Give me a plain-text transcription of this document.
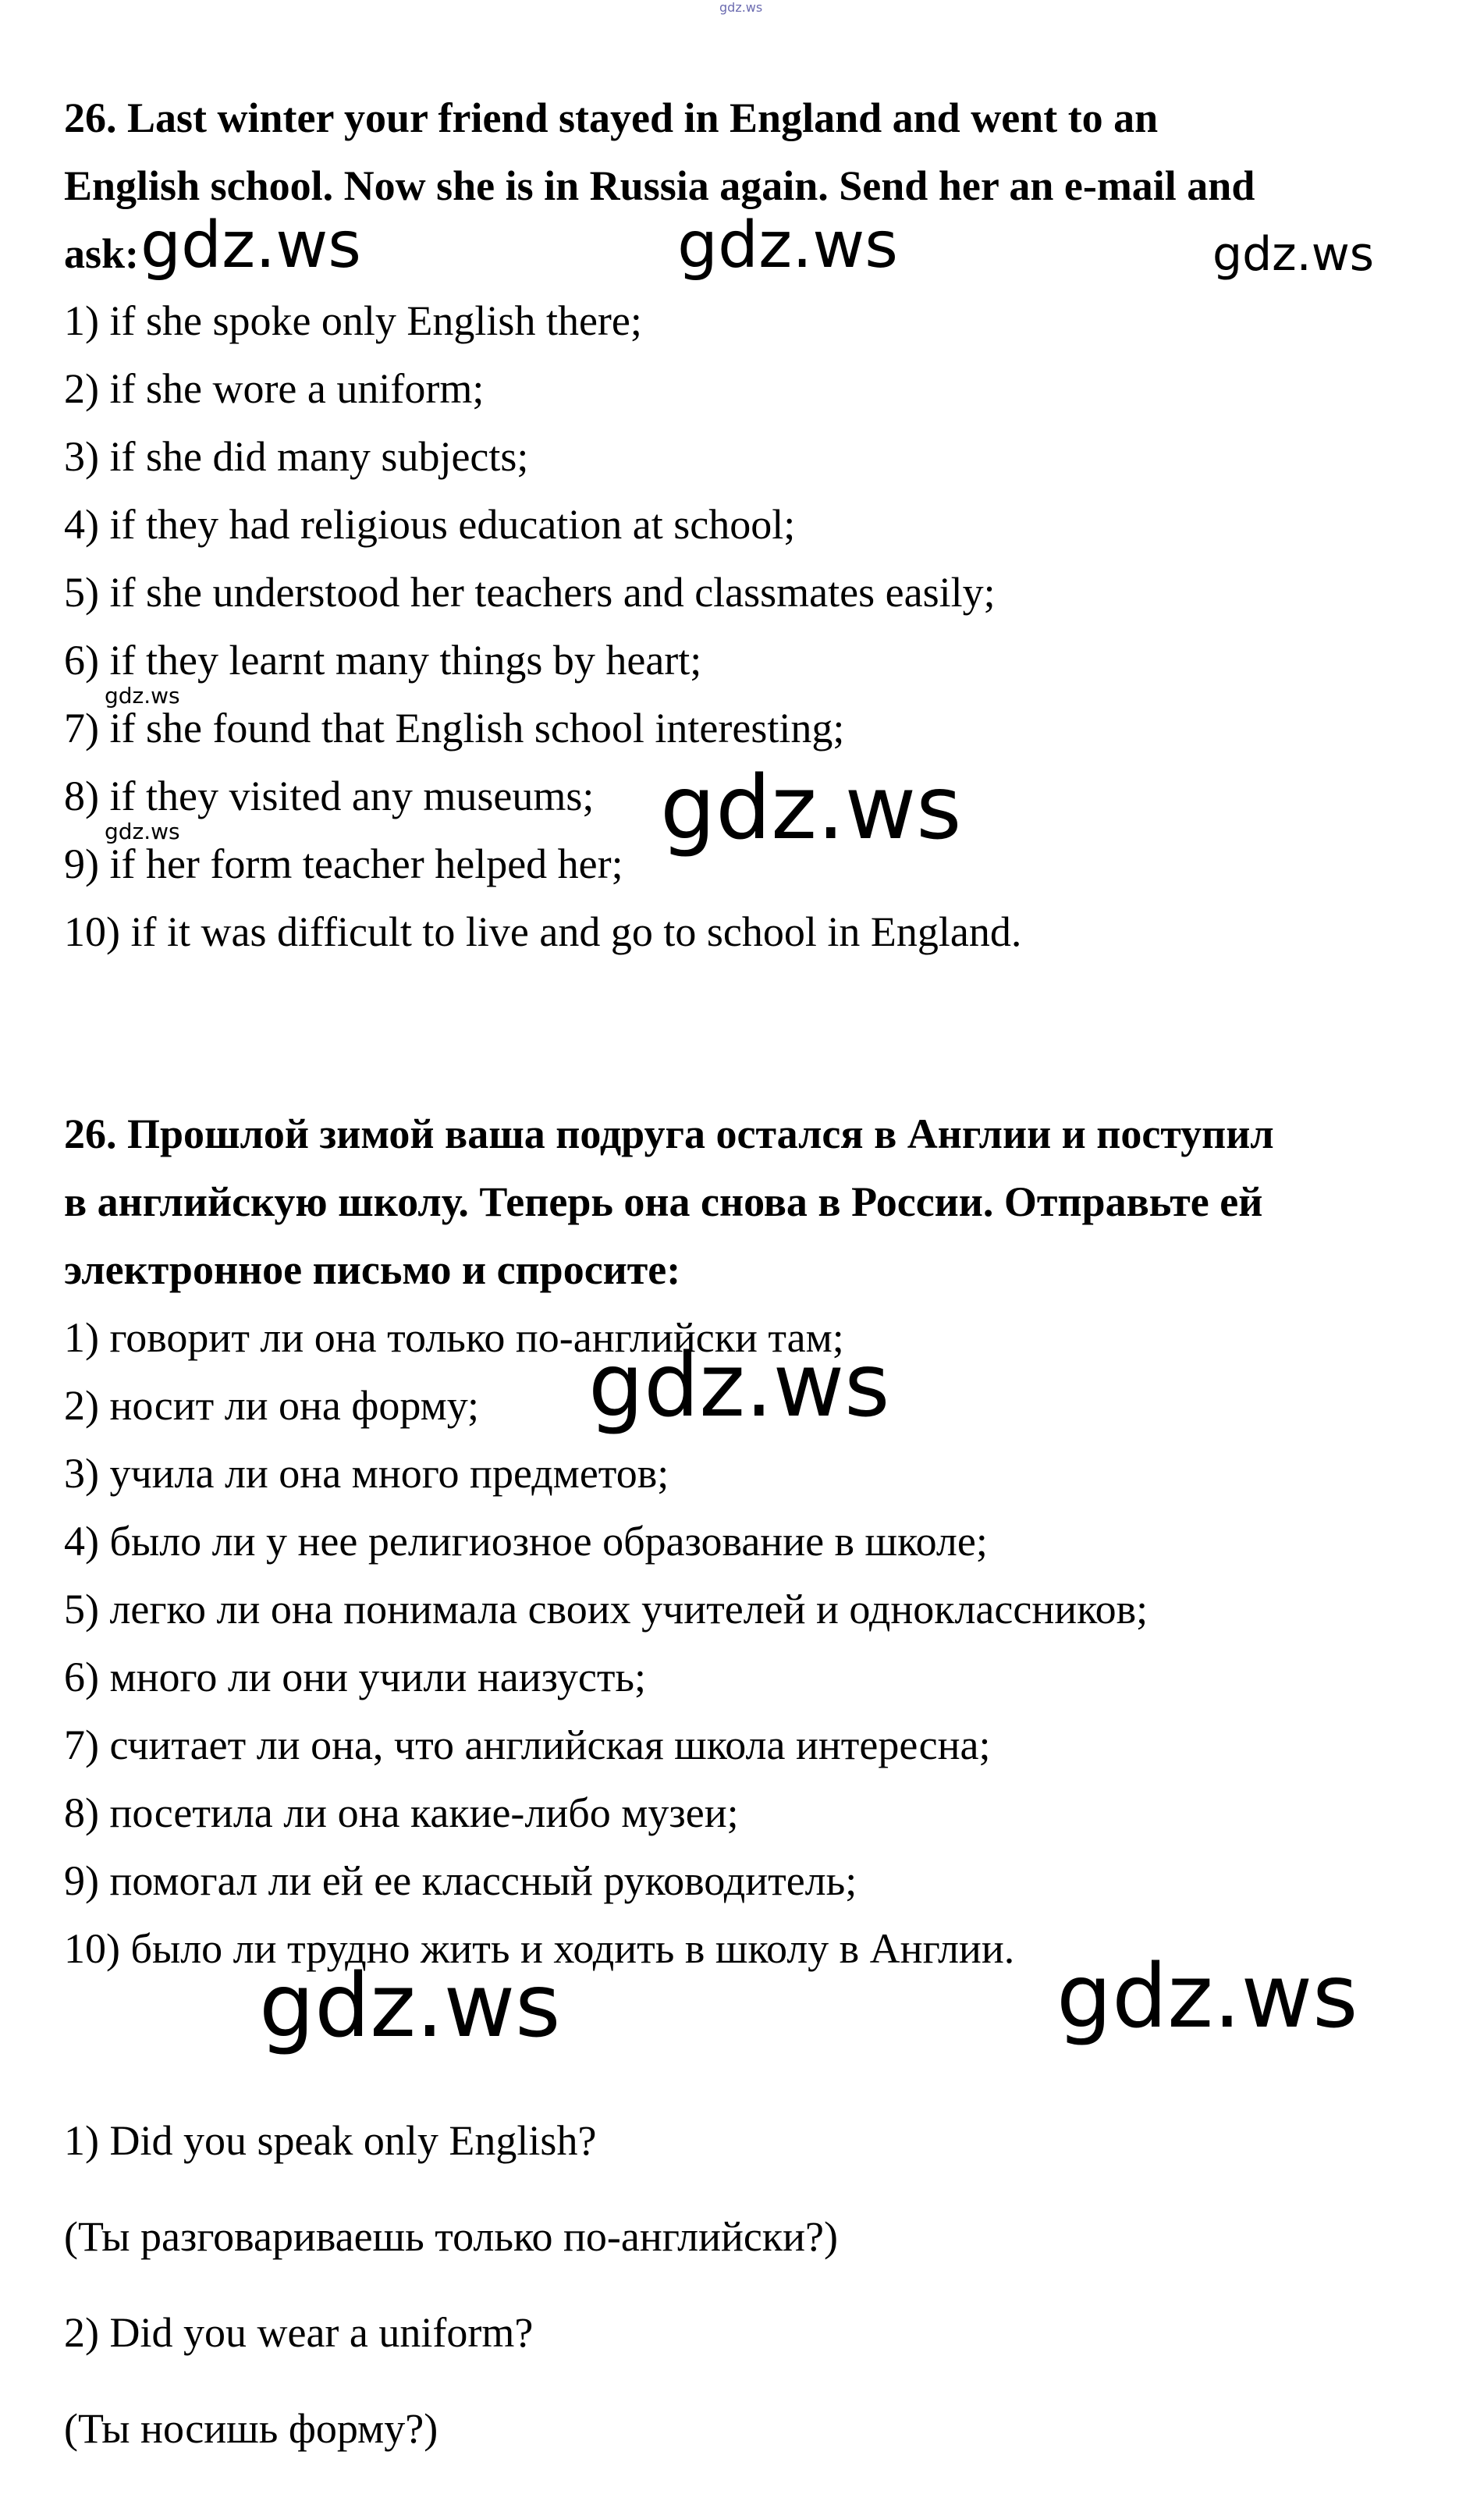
gdz.ws
26. Last winter your friend stayed in England and went to an
English school. Now she is in Russia again. Send her an e-mail and
ask:
1) if she spoke only English there;
2) if she wore a uniform;
3) if she did many subjects;
4) if they had religious education at school;
5) if she understood her teachers and classmates easily;
6) if they learnt many things by heart;
7) if she found that English school interesting;
8) if they visited any museums;
9) if her form teacher helped her;
10) if it was difficult to live and go to school in England.
26. Прошлой зимой ваша подруга остался в Англии и поступил
в английскую школу. Теперь она снова в России. Отправьте ей
электронное письмо и спросите:
1) говорит ли она только по-английски там;
2) носит ли она форму;
3) учила ли она много предметов;
4) было ли у нее религиозное образование в школе;
5) легко ли она понимала своих учителей и одноклассников;
6) много ли они учили наизусть;
7) считает ли она, что английская школа интересна;
8) посетила ли она какие-либо музеи;
9) помогал ли ей ее классный руководитель;
10) было ли трудно жить и ходить в школу в Англии.
1) Did you speak only English?
(Ты разговариваешь только по-английски?)
2) Did you wear a uniform?
(Ты носишь форму?)
gdz.ws	gdz.ws	gdz.ws
gdz.ws
gdz.ws
gdz.ws
gdz.ws
gdz.ws	gdz.ws
